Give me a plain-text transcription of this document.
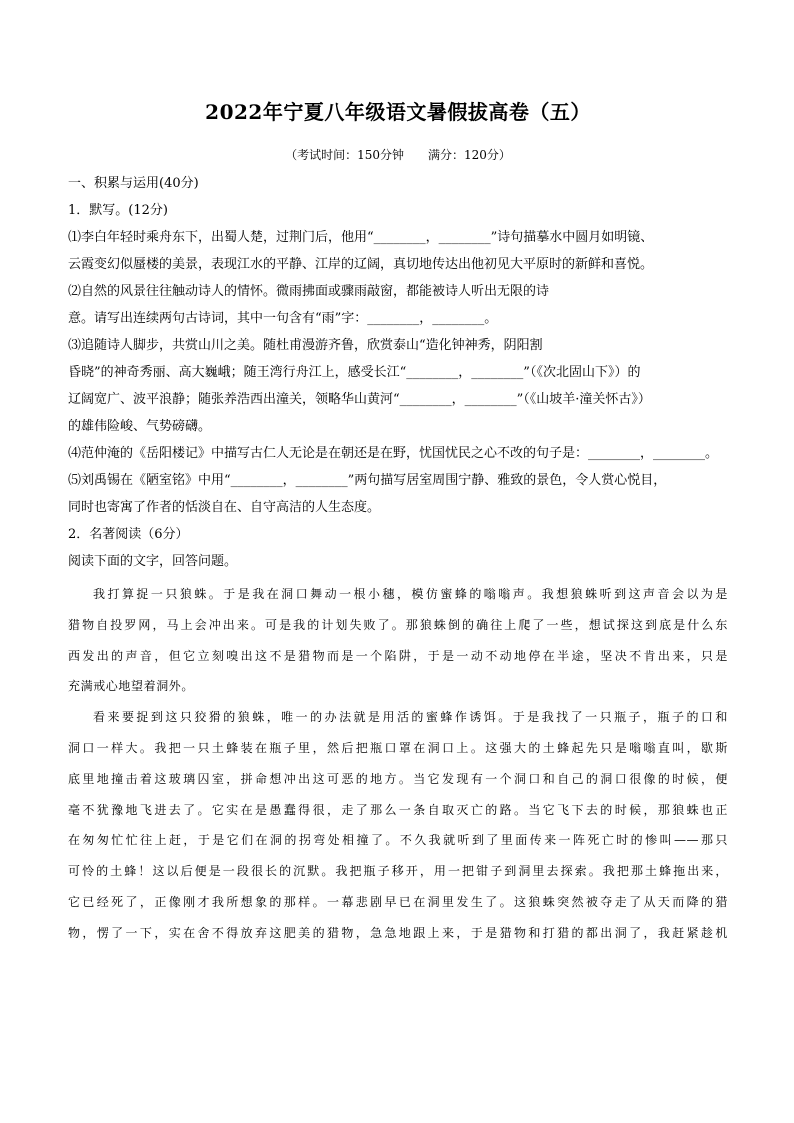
2022年宁夏八年级语文暑假拔高卷（五）
（考试时间：150分钟　　满分：120分）

一、积累与运用(40分)

1．默写。(12分)

⑴李白年轻时乘舟东下，出蜀人楚，过荆门后，他用“________，________”诗句描摹水中圆月如明镜、

云霞变幻似蜃楼的美景，表现江水的平静、江岸的辽阔，真切地传达出他初见大平原时的新鲜和喜悦。

⑵自然的风景往往触动诗人的情怀。微雨拂面或骤雨敲窗，都能被诗人听出无限的诗

意。请写出连续两句古诗词，其中一句含有“雨”字：________，________。

⑶追随诗人脚步，共赏山川之美。随杜甫漫游齐鲁，欣赏泰山“造化钟神秀，阴阳割

昏晓”的神奇秀丽、高大巍峨；随王湾行舟江上，感受长江“________，________”（《次北固山下》）的

辽阔宽广、波平浪静；随张养浩西出潼关，领略华山黄河“________，________”（《山坡羊·潼关怀古》）

的雄伟险峻、气势磅礴。

⑷范仲淹的《岳阳楼记》中描写古仁人无论是在朝还是在野，忧国忧民之心不改的句子是：________，________。

⑸刘禹锡在《陋室铭》中用“________，________”两句描写居室周围宁静、雅致的景色，令人赏心悦目，

同时也寄寓了作者的恬淡自在、自守高洁的人生态度。

2．名著阅读（6分）

阅读下面的文字，回答问题。

我打算捉一只狼蛛。于是我在洞口舞动一根小穗，模仿蜜蜂的嗡嗡声。我想狼蛛听到这声音会以为是
猎物自投罗网，马上会冲出来。可是我的计划失败了。那狼蛛倒的确往上爬了一些，想试探这到底是什么东
西发出的声音，但它立刻嗅出这不是猎物而是一个陷阱，于是一动不动地停在半途，坚决不肯出来，只是
充满戒心地望着洞外。
看来要捉到这只狡猾的狼蛛，唯一的办法就是用活的蜜蜂作诱饵。于是我找了一只瓶子，瓶子的口和
洞口一样大。我把一只土蜂装在瓶子里，然后把瓶口罩在洞口上。这强大的土蜂起先只是嗡嗡直叫，歇斯
底里地撞击着这玻璃囚室，拼命想冲出这可恶的地方。当它发现有一个洞口和自己的洞口很像的时候，便
毫不犹豫地飞进去了。它实在是愚蠢得很，走了那么一条自取灭亡的路。当它飞下去的时候，那狼蛛也正
在匆匆忙忙往上赶，于是它们在洞的拐弯处相撞了。不久我就听到了里面传来一阵死亡时的惨叫——那只
可怜的土蜂！这以后便是一段很长的沉默。我把瓶子移开，用一把钳子到洞里去探索。我把那土蜂拖出来，
它已经死了，正像刚才我所想象的那样。一幕悲剧早已在洞里发生了。这狼蛛突然被夺走了从天而降的猎
物，愣了一下，实在舍不得放弃这肥美的猎物，急急地跟上来，于是猎物和打猎的都出洞了，我赶紧趁机
